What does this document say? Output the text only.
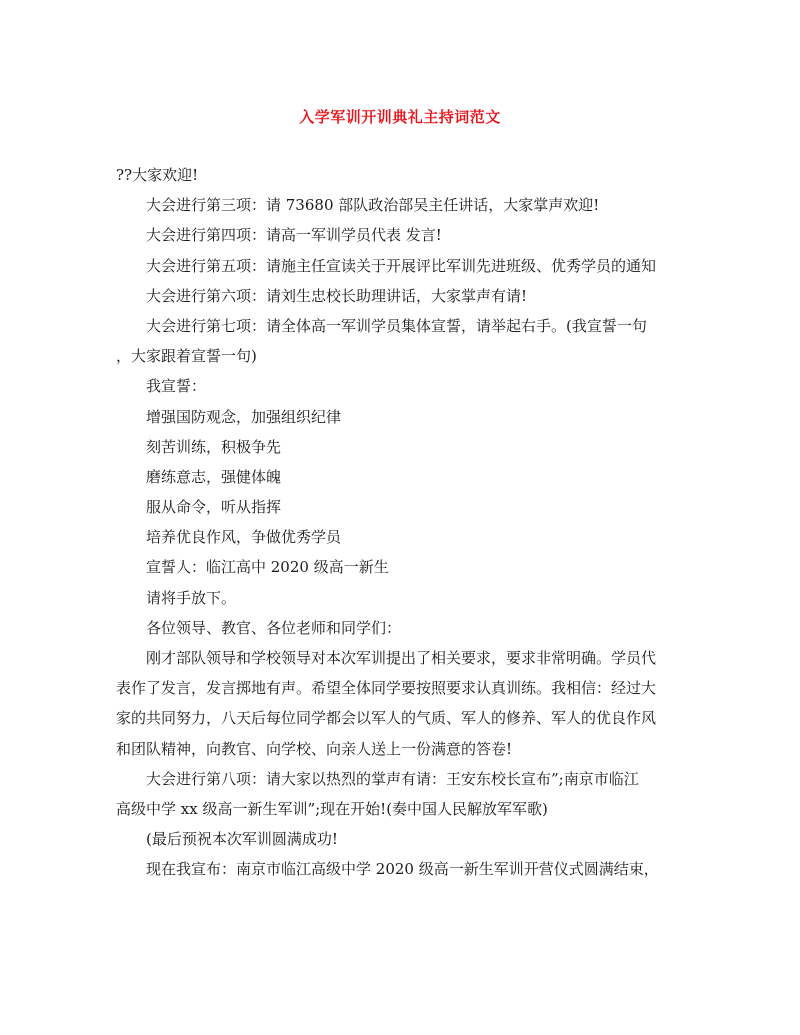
入学军训开训典礼主持词范文
??大家欢迎!
大会进行第三项：请 73680 部队政治部吴主任讲话，大家掌声欢迎!
大会进行第四项：请高一军训学员代表 发言!
大会进行第五项：请施主任宣读关于开展评比军训先进班级、优秀学员的通知
大会进行第六项：请刘生忠校长助理讲话，大家掌声有请!
大会进行第七项：请全体高一军训学员集体宣誓，请举起右手。(我宣誓一句
，大家跟着宣誓一句)
我宣誓：
增强国防观念，加强组织纪律
刻苦训练，积极争先
磨练意志，强健体魄
服从命令，听从指挥
培养优良作风，争做优秀学员
宣誓人：临江高中 2020 级高一新生
请将手放下。
各位领导、教官、各位老师和同学们：
刚才部队领导和学校领导对本次军训提出了相关要求，要求非常明确。学员代
表作了发言，发言掷地有声。希望全体同学要按照要求认真训练。我相信：经过大
家的共同努力，八天后每位同学都会以军人的气质、军人的修养、军人的优良作风
和团队精神，向教官、向学校、向亲人送上一份满意的答卷!
大会进行第八项：请大家以热烈的掌声有请：王安东校长宣布”;南京市临江
高级中学 xx 级高一新生军训”;现在开始!(奏中国人民解放军军歌)
(最后预祝本次军训圆满成功!
现在我宣布：南京市临江高级中学 2020 级高一新生军训开营仪式圆满结束，
